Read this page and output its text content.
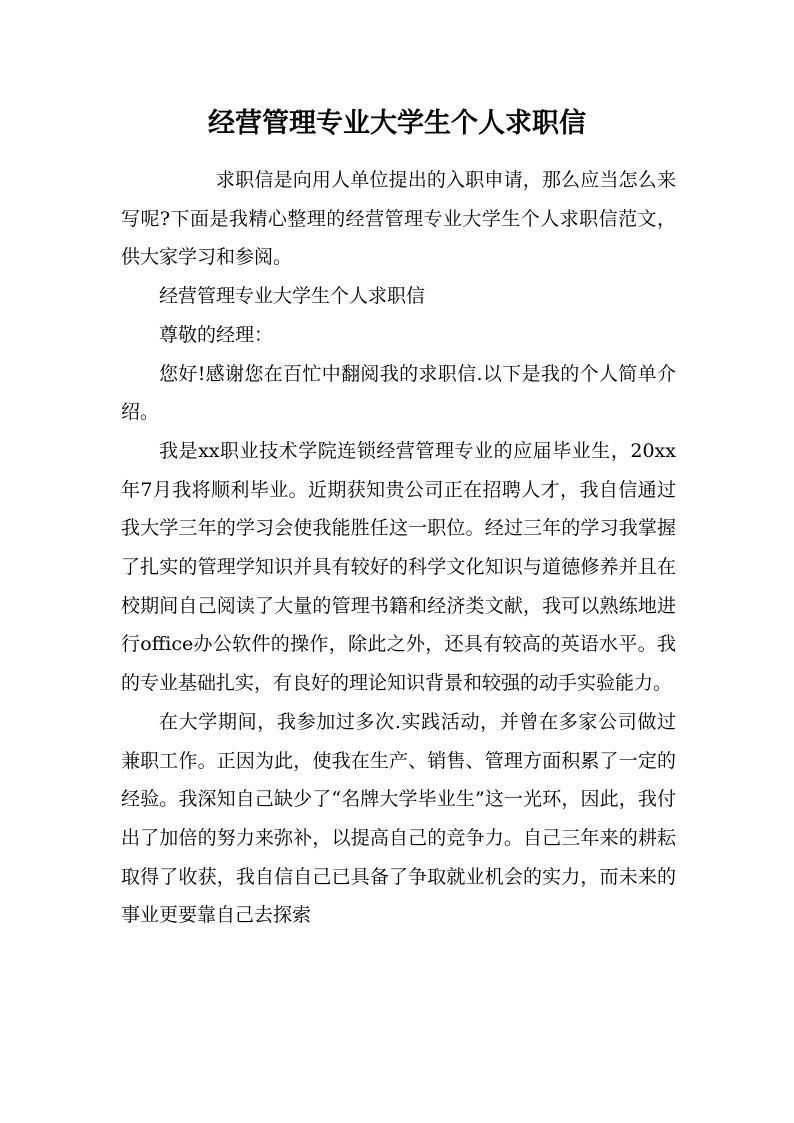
经营管理专业大学生个人求职信

求职信是向用人单位提出的入职申请，那么应当怎么来写呢?下面是我精心整理的经营管理专业大学生个人求职信范文，供大家学习和参阅。

经营管理专业大学生个人求职信

尊敬的经理：

您好!感谢您在百忙中翻阅我的求职信.以下是我的个人简单介绍。

我是xx职业技术学院连锁经营管理专业的应届毕业生，20xx年7月我将顺利毕业。近期获知贵公司正在招聘人才，我自信通过我大学三年的学习会使我能胜任这一职位。经过三年的学习我掌握了扎实的管理学知识并具有较好的科学文化知识与道德修养并且在校期间自己阅读了大量的管理书籍和经济类文献，我可以熟练地进行office办公软件的操作，除此之外，还具有较高的英语水平。我的专业基础扎实，有良好的理论知识背景和较强的动手实验能力。

在大学期间，我参加过多次.实践活动，并曾在多家公司做过兼职工作。正因为此，使我在生产、销售、管理方面积累了一定的经验。我深知自己缺少了“名牌大学毕业生”这一光环，因此，我付出了加倍的努力来弥补，以提高自己的竞争力。自己三年来的耕耘取得了收获，我自信自己已具备了争取就业机会的实力，而未来的事业更要靠自己去探索
